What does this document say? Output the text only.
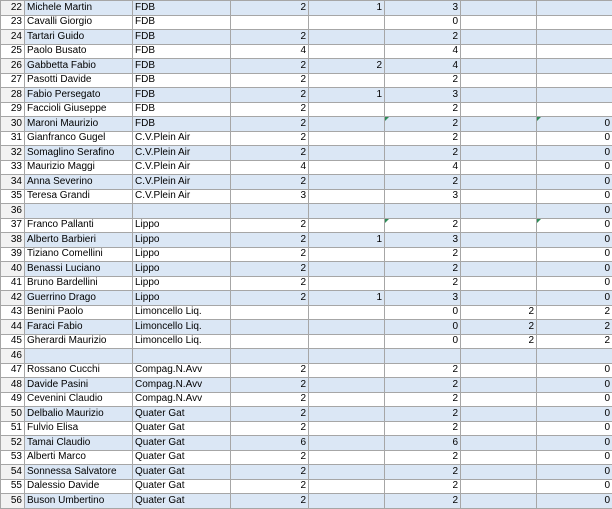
22	Michele Martin	FDB	2	1	3		
23	Cavalli Giorgio	FDB			0		
24	Tartari Guido	FDB	2		2		
25	Paolo Busato	FDB	4		4		
26	Gabbetta Fabio	FDB	2	2	4		
27	Pasotti Davide	FDB	2		2		
28	Fabio Persegato	FDB	2	1	3		
29	Faccioli Giuseppe	FDB	2		2		
30	Maroni Maurizio	FDB	2		2		0
31	Gianfranco Gugel	C.V.Plein Air	2		2		0
32	Somaglino Serafino	C.V.Plein Air	2		2		0
33	Maurizio Maggi	C.V.Plein Air	4		4		0
34	Anna Severino	C.V.Plein Air	2		2		0
35	Teresa Grandi	C.V.Plein Air	3		3		0
36							0
37	Franco Pallanti	Lippo	2		2		0
38	Alberto Barbieri	Lippo	2	1	3		0
39	Tiziano Comellini	Lippo	2		2		0
40	Benassi Luciano	Lippo	2		2		0
41	Bruno Bardellini	Lippo	2		2		0
42	Guerrino Drago	Lippo	2	1	3		0
43	Benini Paolo	Limoncello Liq.			0	2	2
44	Faraci Fabio	Limoncello Liq.			0	2	2
45	Gherardi Maurizio	Limoncello Liq.			0	2	2
46							
47	Rossano Cucchi	Compag.N.Avv	2		2		0
48	Davide Pasini	Compag.N.Avv	2		2		0
49	Cevenini Claudio	Compag.N.Avv	2		2		0
50	Delbalio Maurizio	Quater Gat	2		2		0
51	Fulvio Elisa	Quater Gat	2		2		0
52	Tamai Claudio	Quater Gat	6		6		0
53	Alberti Marco	Quater Gat	2		2		0
54	Sonnessa Salvatore	Quater Gat	2		2		0
55	Dalessio Davide	Quater Gat	2		2		0
56	Buson Umbertino	Quater Gat	2		2		0
